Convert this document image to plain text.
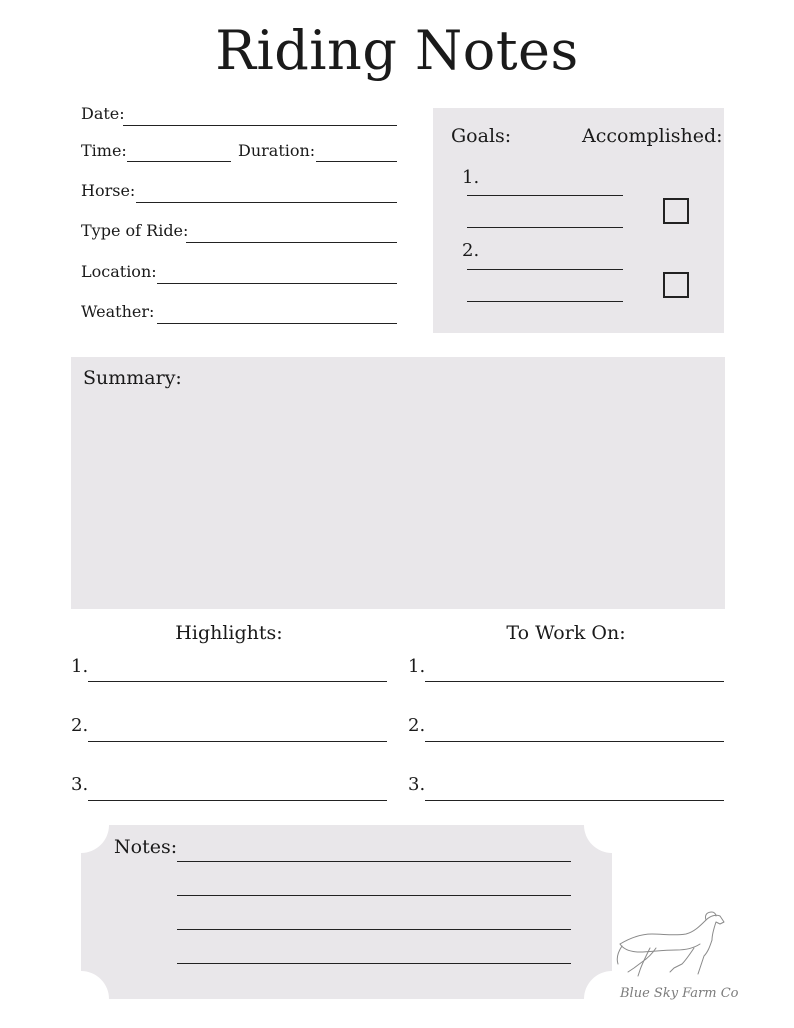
Riding Notes
Date:
Time:	Duration:
Horse:
Type of Ride:
Location:
Weather:
Goals:	Accomplished:
1.
2.
Summary:
Highlights:
1.
2.
3.
To Work On:
1.
2.
3.
Notes:
Blue Sky Farm Co
